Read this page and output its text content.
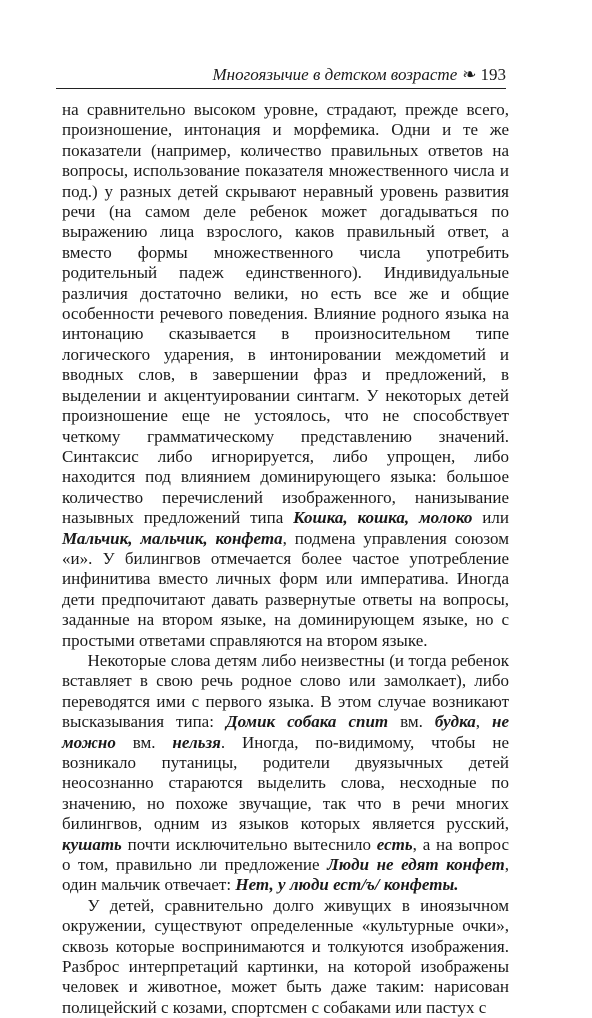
Многоязычие в детском возрасте ❧ 193

на сравнительно высоком уровне, страдают, прежде всего, произношение, интонация и морфемика. Одни и те же показатели (например, количество правильных ответов на вопросы, использование показателя множественного числа и под.) у разных детей скрывают неравный уровень развития речи (на самом деле ребенок может догадываться по выражению лица взрослого, каков правильный ответ, а вместо формы множественного числа употребить родительный падеж единственного). Индивидуальные различия достаточно велики, но есть все же и общие особенности речевого поведения. Влияние родного языка на интонацию сказывается в произносительном типе логического ударения, в интонировании междометий и вводных слов, в завершении фраз и предложений, в выделении и акцентуировании синтагм. У некоторых детей произношение еще не устоялось, что не способствует четкому грамматическому представлению значений. Синтаксис либо игнорируется, либо упрощен, либо находится под влиянием доминирующего языка: большое количество перечислений изображенного, нанизывание назывных предложений типа Кошка, кошка, молоко или Мальчик, мальчик, конфета, подмена управления союзом «и». У билингвов отмечается более частое употребление инфинитива вместо личных форм или императива. Иногда дети предпочитают давать развернутые ответы на вопросы, заданные на втором языке, на доминирующем языке, но с простыми ответами справляются на втором языке.

Некоторые слова детям либо неизвестны (и тогда ребенок вставляет в свою речь родное слово или замолкает), либо переводятся ими с первого языка. В этом случае возникают высказывания типа: Домик собака спит вм. будка, не можно вм. нельзя. Иногда, по-видимому, чтобы не возникало путаницы, родители двуязычных детей неосознанно стараются выделить слова, несходные по значению, но похоже звучащие, так что в речи многих билингвов, одним из языков которых является русский, кушать почти исключительно вытеснило есть, а на вопрос о том, правильно ли предложение Люди не едят конфет, один мальчик отвечает: Нет, у люди ест/ъ/ конфеты.

У детей, сравнительно долго живущих в иноязычном окружении, существуют определенные «культурные очки», сквозь которые воспринимаются и толкуются изображения. Разброс интерпретаций картинки, на которой изображены человек и животное, может быть даже таким: нарисован полицейский с козами, спортсмен с собаками или пастух с
